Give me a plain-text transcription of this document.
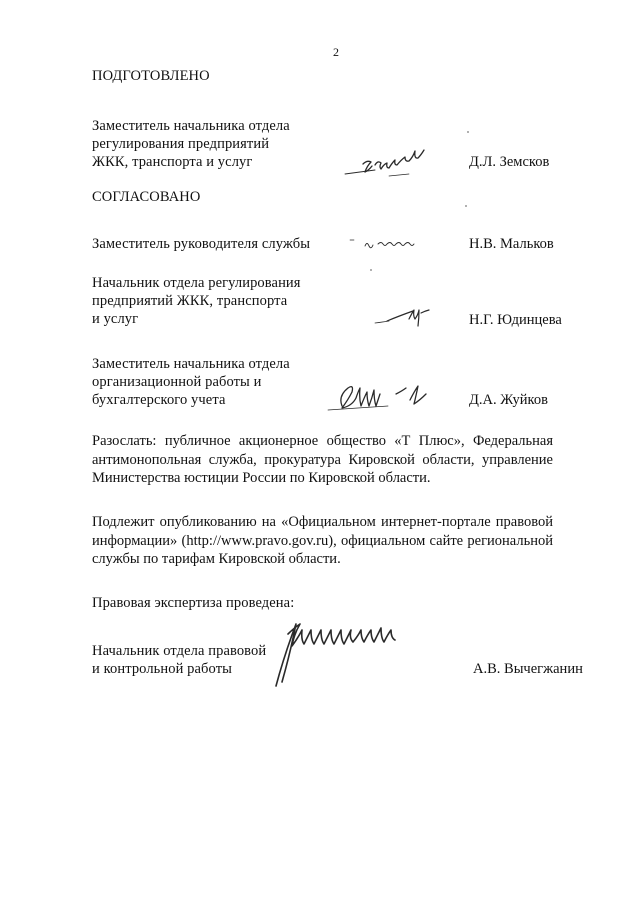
2
ПОДГОТОВЛЕНО
Заместитель начальника отдела
регулирования предприятий
ЖКК, транспорта и услуг	Д.Л. Земсков
СОГЛАСОВАНО
Заместитель руководителя службы	Н.В. Мальков
Начальник отдела регулирования
предприятий ЖКК, транспорта
и услуг	Н.Г. Юдинцева
Заместитель начальника отдела
организационной работы и
бухгалтерского учета	Д.А. Жуйков
Разослать: публичное акционерное общество «Т Плюс», Федеральная антимонопольная служба, прокуратура Кировской области, управление Министерства юстиции России по Кировской области.
Подлежит опубликованию на «Официальном интернет-портале правовой информации» (http://www.pravo.gov.ru), официальном сайте региональной службы по тарифам Кировской области.
Правовая экспертиза проведена:
Начальник отдела правовой
и контрольной работы	А.В. Вычегжанин
